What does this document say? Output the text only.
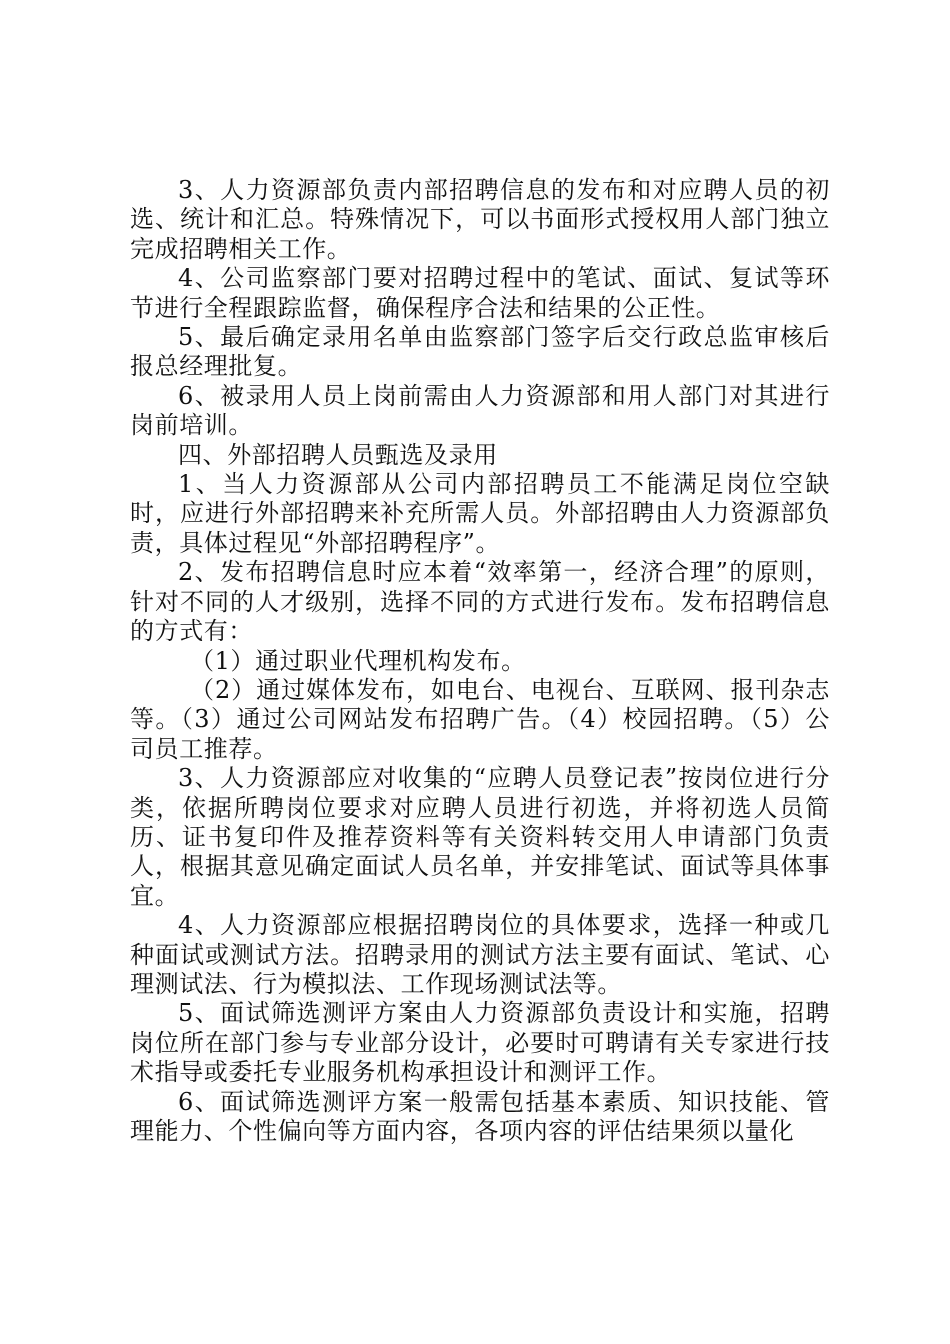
3、人力资源部负责内部招聘信息的发布和对应聘人员的初选、统计和汇总。特殊情况下，可以书面形式授权用人部门独立完成招聘相关工作。

4、公司监察部门要对招聘过程中的笔试、面试、复试等环节进行全程跟踪监督，确保程序合法和结果的公正性。

5、最后确定录用名单由监察部门签字后交行政总监审核后报总经理批复。

6、被录用人员上岗前需由人力资源部和用人部门对其进行岗前培训。

四、外部招聘人员甄选及录用

1、当人力资源部从公司内部招聘员工不能满足岗位空缺时，应进行外部招聘来补充所需人员。外部招聘由人力资源部负责，具体过程见“外部招聘程序”。

2、发布招聘信息时应本着“效率第一，经济合理”的原则，针对不同的人才级别，选择不同的方式进行发布。发布招聘信息的方式有：

（1）通过职业代理机构发布。

（2）通过媒体发布，如电台、电视台、互联网、报刊杂志等。（3）通过公司网站发布招聘广告。（4）校园招聘。（5）公司员工推荐。

3、人力资源部应对收集的“应聘人员登记表”按岗位进行分类，依据所聘岗位要求对应聘人员进行初选，并将初选人员简历、证书复印件及推荐资料等有关资料转交用人申请部门负责人，根据其意见确定面试人员名单，并安排笔试、面试等具体事宜。

4、人力资源部应根据招聘岗位的具体要求，选择一种或几种面试或测试方法。招聘录用的测试方法主要有面试、笔试、心理测试法、行为模拟法、工作现场测试法等。

5、面试筛选测评方案由人力资源部负责设计和实施，招聘岗位所在部门参与专业部分设计，必要时可聘请有关专家进行技术指导或委托专业服务机构承担设计和测评工作。

6、面试筛选测评方案一般需包括基本素质、知识技能、管理能力、个性偏向等方面内容，各项内容的评估结果须以量化
